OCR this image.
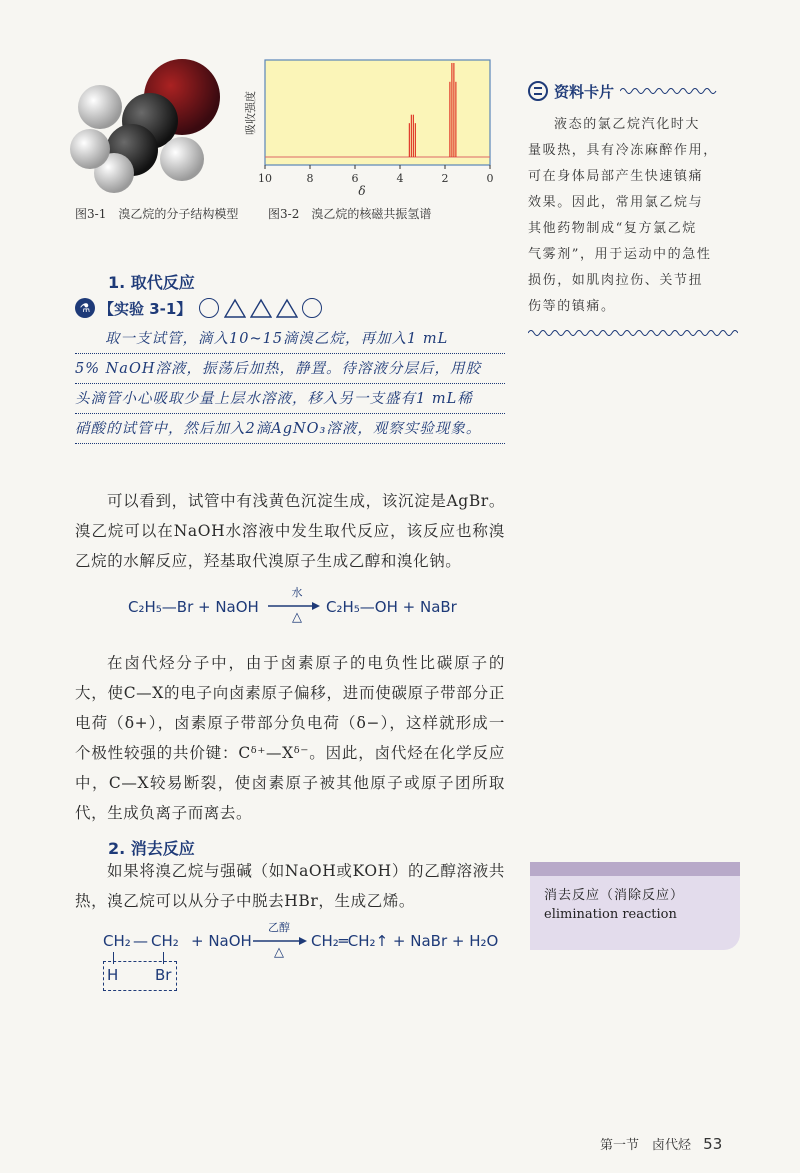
10	8	6	4	2	0
吸收强度
δ
图3-1　溴乙烷的分子结构模型 图3-2　溴乙烷的核磁共振氢谱
资料卡片
液态的氯乙烷汽化时大
量吸热，具有冷冻麻醉作用，
可在身体局部产生快速镇痛
效果。因此，常用氯乙烷与
其他药物制成“复方氯乙烷
气雾剂”，用于运动中的急性
损伤，如肌肉拉伤、关节扭
伤等的镇痛。
1. 取代反应
⚗ 【实验 3-1】
取一支试管，滴入10~15滴溴乙烷，再加入1 mL
5% NaOH溶液，振荡后加热，静置。待溶液分层后，用胶
头滴管小心吸取少量上层水溶液，移入另一支盛有1 mL稀
硝酸的试管中，然后加入2滴AgNO₃溶液，观察实验现象。
可以看到，试管中有浅黄色沉淀生成，该沉淀是AgBr。溴乙烷可以在NaOH水溶液中发生取代反应，该反应也称溴乙烷的水解反应，羟基取代溴原子生成乙醇和溴化钠。
C₂H₅—Br + NaOH
水
△
C₂H₅—OH + NaBr
在卤代烃分子中，由于卤素原子的电负性比碳原子的大，使C—X的电子向卤素原子偏移，进而使碳原子带部分正电荷（δ+），卤素原子带部分负电荷（δ−），这样就形成一个极性较强的共价键：Cᵟ⁺—Xᵟ⁻。因此，卤代烃在化学反应中，C—X较易断裂，使卤素原子被其他原子或原子团所取代，生成负离子而离去。
2. 消去反应
如果将溴乙烷与强碱（如NaOH或KOH）的乙醇溶液共热，溴乙烷可以从分子中脱去HBr，生成乙烯。
CH₂ — CH₂
H Br
+ NaOH
乙醇
△
CH₂═CH₂↑ + NaBr + H₂O
消去反应（消除反应）
elimination reaction
第一节　卤代烃 53
